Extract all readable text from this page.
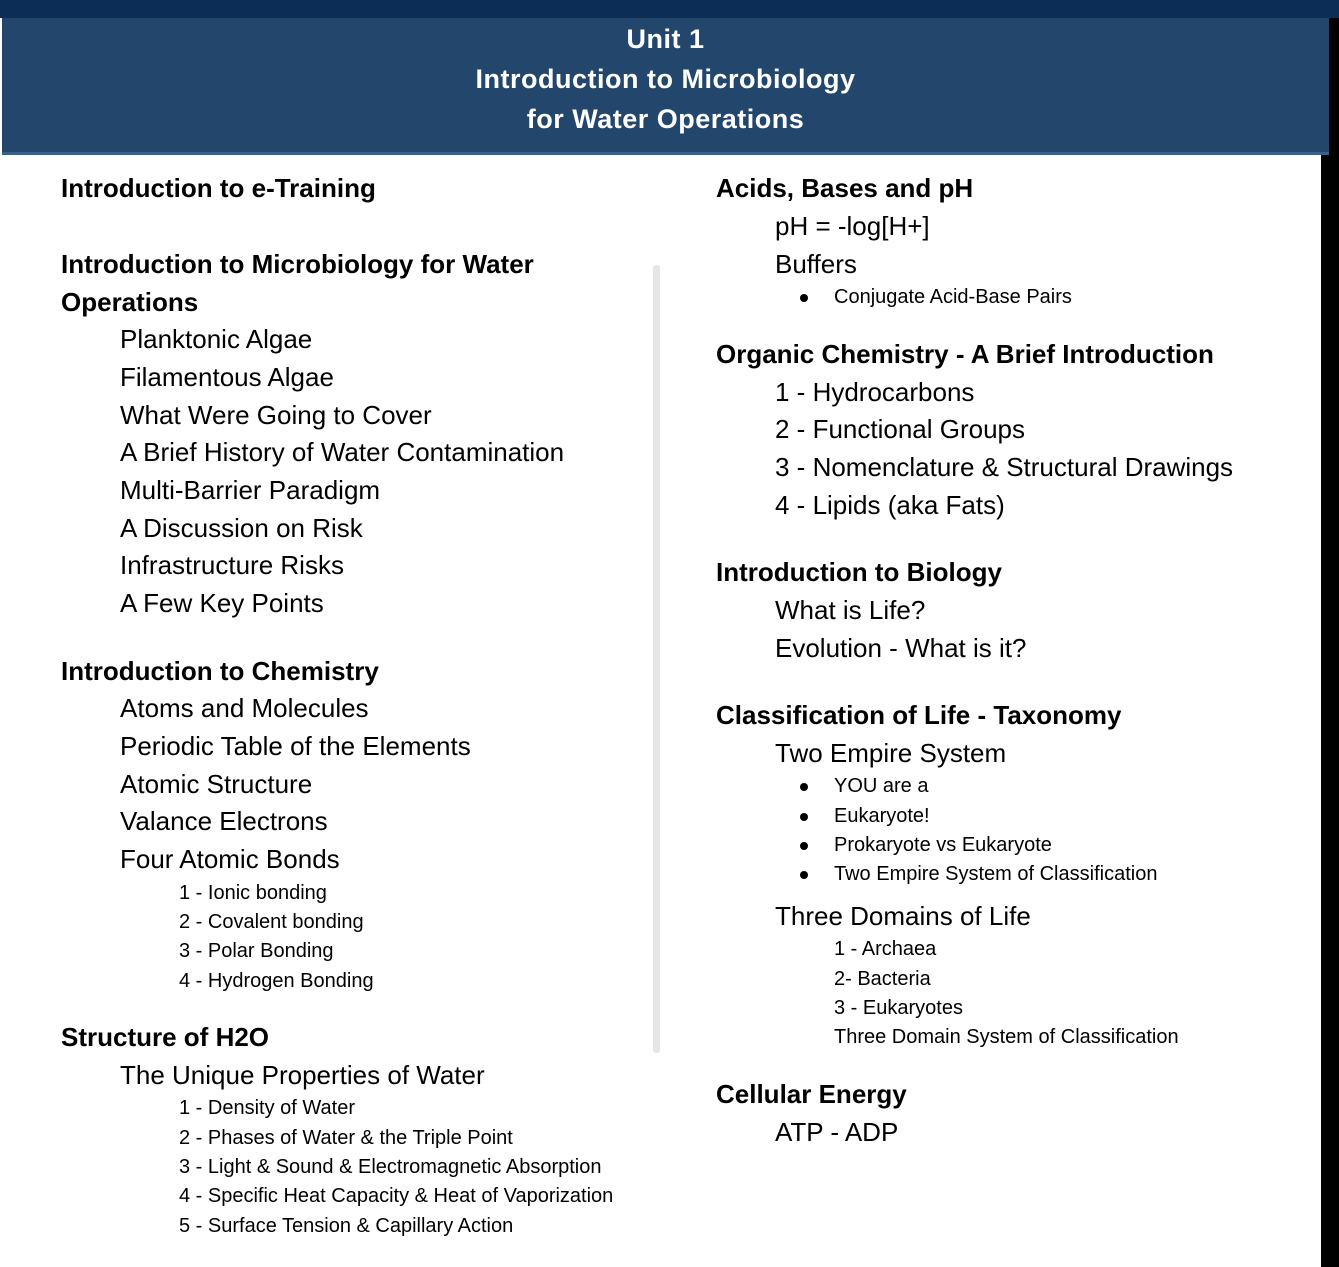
Unit 1
Introduction to Microbiology
for Water Operations
Introduction to e-Training
Introduction to Microbiology for Water
Operations
Planktonic Algae
Filamentous Algae
What Were Going to Cover
A Brief History of Water Contamination
Multi-Barrier Paradigm
A Discussion on Risk
Infrastructure Risks
A Few Key Points
Introduction to Chemistry
Atoms and Molecules
Periodic Table of the Elements
Atomic Structure
Valance Electrons
Four Atomic Bonds
1 - Ionic bonding
2 - Covalent bonding
3 - Polar Bonding
4 - Hydrogen Bonding
Structure of H2O
The Unique Properties of Water
1 - Density of Water
2 - Phases of Water & the Triple Point
3 - Light & Sound & Electromagnetic Absorption
4 - Specific Heat Capacity & Heat of Vaporization
5 - Surface Tension & Capillary Action
Acids, Bases and pH
pH = -log[H+]
Buffers
Conjugate Acid-Base Pairs
Organic Chemistry - A Brief Introduction
1 - Hydrocarbons
2 - Functional Groups
3 - Nomenclature & Structural Drawings
4 - Lipids (aka Fats)
Introduction to Biology
What is Life?
Evolution - What is it?
Classification of Life - Taxonomy
Two Empire System
YOU are a
Eukaryote!
Prokaryote vs Eukaryote
Two Empire System of Classification
Three Domains of Life
1 - Archaea
2- Bacteria
3 - Eukaryotes
Three Domain System of Classification
Cellular Energy
ATP - ADP
